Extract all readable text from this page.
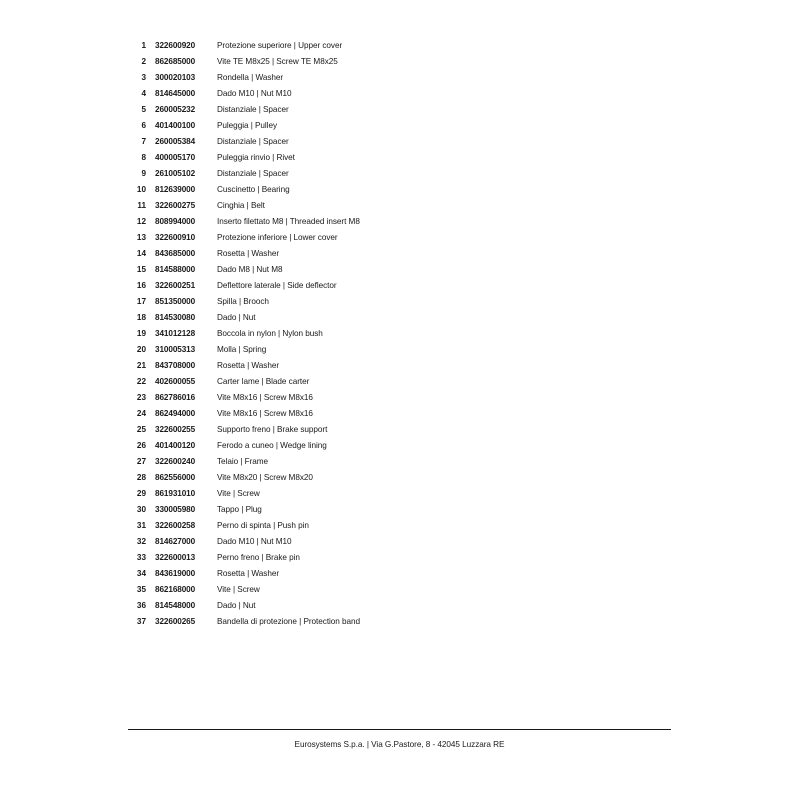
1 322600920	Protezione superiore | Upper cover
2 862685000	Vite TE M8x25 | Screw TE M8x25
3 300020103	Rondella | Washer
4 814645000	Dado M10 | Nut M10
5 260005232	Distanziale | Spacer
6 401400100	Puleggia | Pulley
7 260005384	Distanziale | Spacer
8 400005170	Puleggia rinvio | Rivet
9 261005102	Distanziale | Spacer
10 812639000	Cuscinetto | Bearing
11 322600275	Cinghia | Belt
12 808994000	Inserto filettato M8 | Threaded insert M8
13 322600910	Protezione inferiore | Lower cover
14 843685000	Rosetta | Washer
15 814588000	Dado M8 | Nut M8
16 322600251	Deflettore laterale | Side deflector
17 851350000	Spilla | Brooch
18 814530080	Dado | Nut
19 341012128	Boccola in nylon | Nylon bush
20 310005313	Molla | Spring
21 843708000	Rosetta | Washer
22 402600055	Carter lame | Blade carter
23 862786016	Vite M8x16 | Screw M8x16
24 862494000	Vite M8x16 | Screw M8x16
25 322600255	Supporto freno | Brake support
26 401400120	Ferodo a cuneo | Wedge lining
27 322600240	Telaio | Frame
28 862556000	Vite M8x20 | Screw M8x20
29 861931010	Vite | Screw
30 330005980	Tappo | Plug
31 322600258	Perno di spinta | Push pin
32 814627000	Dado M10 | Nut M10
33 322600013	Perno freno | Brake pin
34 843619000	Rosetta | Washer
35 862168000	Vite | Screw
36 814548000	Dado | Nut
37 322600265	Bandella di protezione | Protection band
Eurosystems S.p.a. | Via G.Pastore, 8 - 42045 Luzzara RE
